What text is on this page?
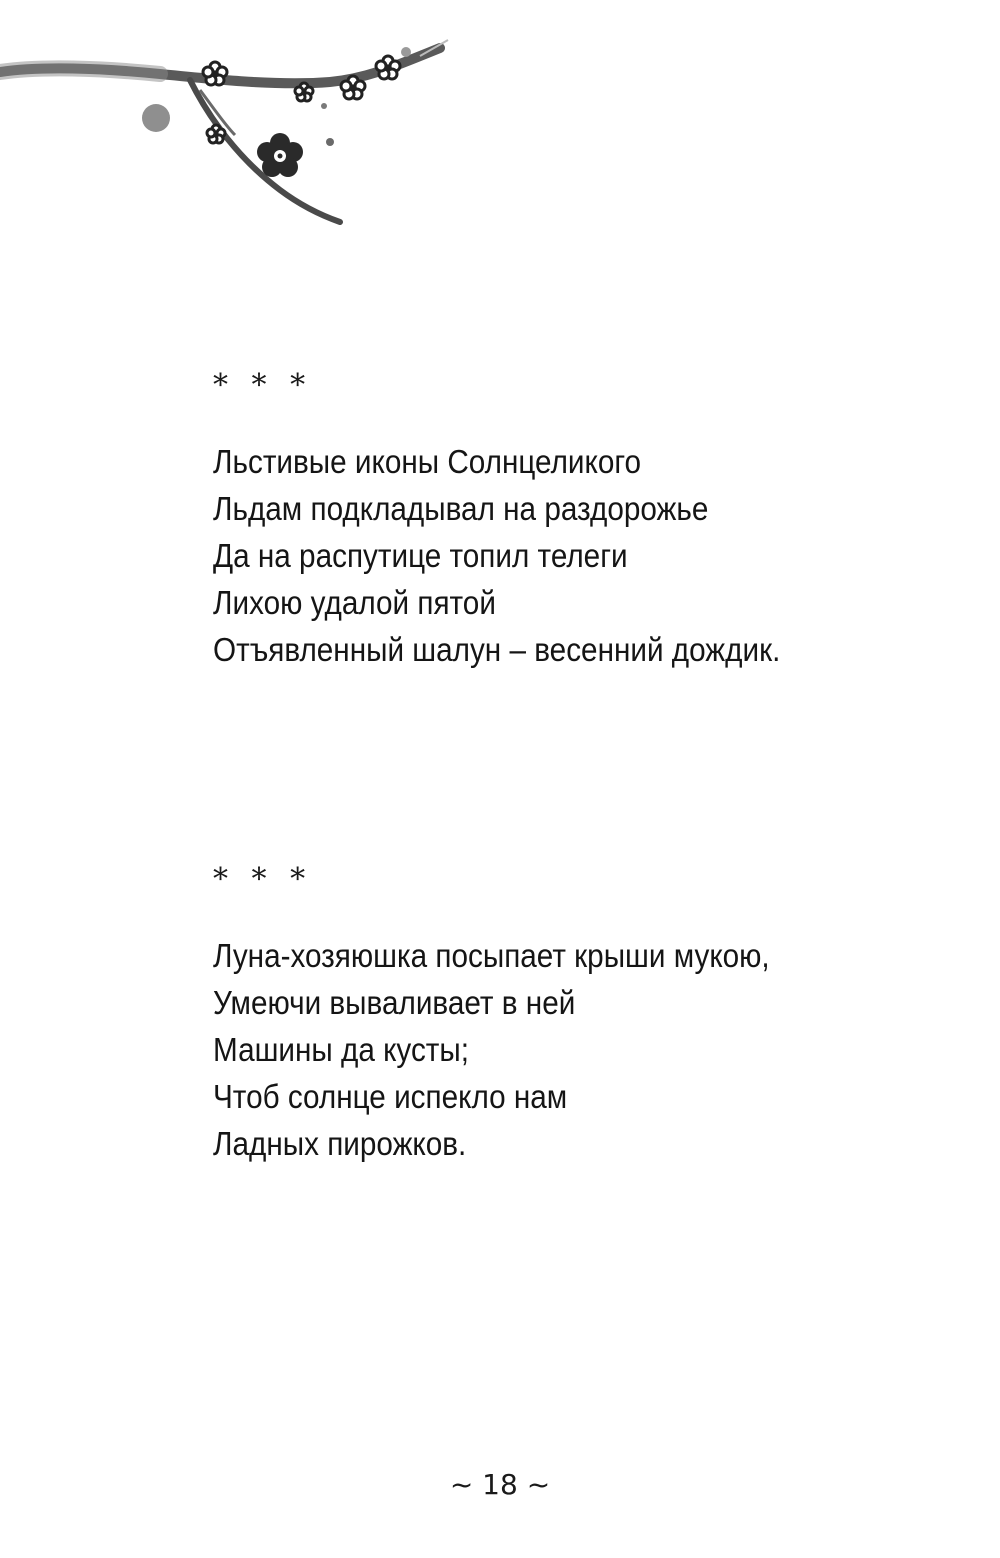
* * *
Льстивые иконы Солнцеликого
Льдам подкладывал на раздорожье
Да на распутице топил телеги
Лихою удалой пятой
Отъявленный шалун – весенний дождик.
* * *
Луна-хозяюшка посыпает крыши мукою,
Умеючи вываливает в ней
Машины да кусты;
Чтоб солнце испекло нам
Ладных пирожков.
~ 18 ~
